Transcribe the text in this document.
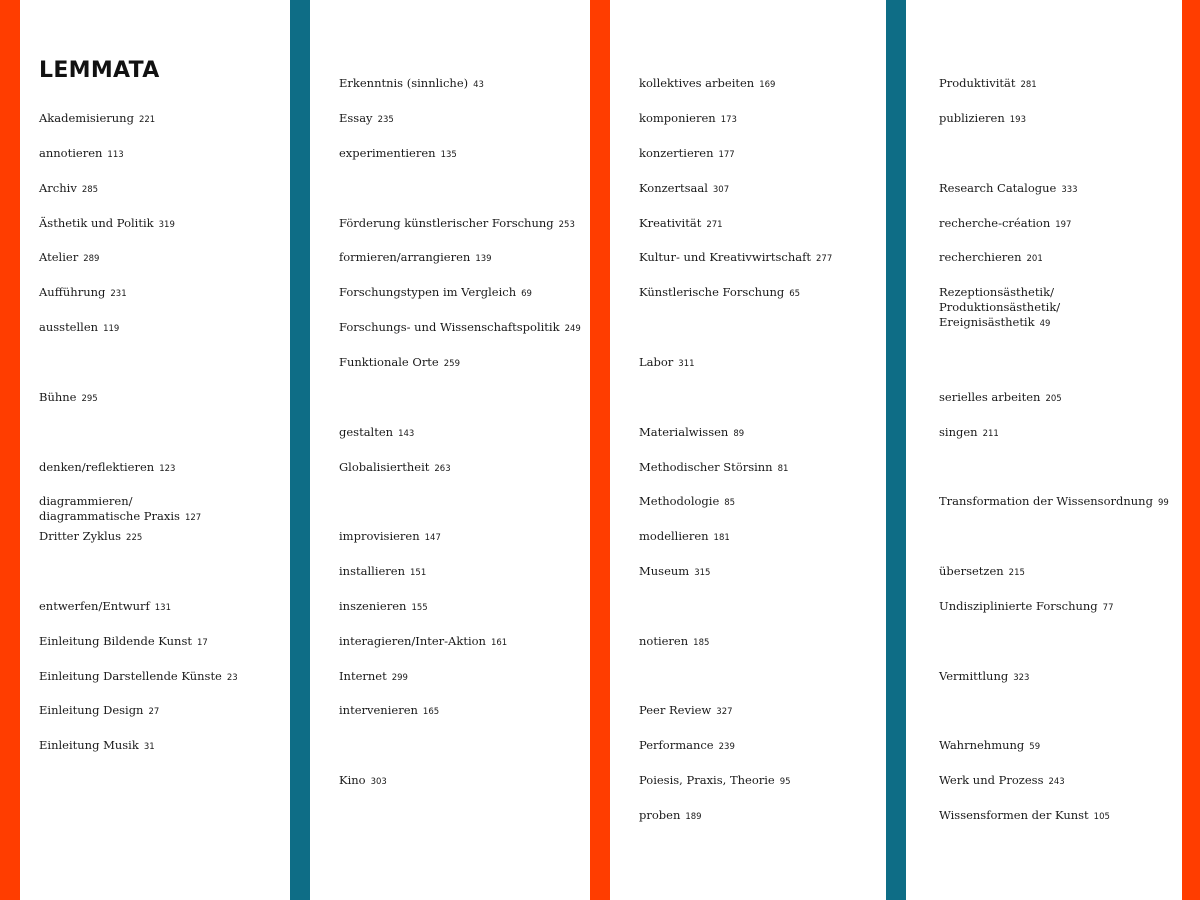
LEMMATA
Akademisierung 221
annotieren 113
Archiv 285
Ästhetik und Politik 319
Atelier 289
Aufführung 231
ausstellen 119
Bühne 295
denken/reflektieren 123
diagrammieren/
diagrammatische Praxis 127
Dritter Zyklus 225
entwerfen/Entwurf 131
Einleitung Bildende Kunst 17
Einleitung Darstellende Künste 23
Einleitung Design 27
Einleitung Musik 31
Erkenntnis (sinnliche) 43
Essay 235
experimentieren 135
Förderung künstlerischer Forschung 253
formieren/arrangieren 139
Forschungstypen im Vergleich 69
Forschungs- und Wissenschaftspolitik 249
Funktionale Orte 259
gestalten 143
Globalisiertheit 263
improvisieren 147
installieren 151
inszenieren 155
interagieren/Inter-Aktion 161
Internet 299
intervenieren 165
Kino 303
kollektives arbeiten 169
komponieren 173
konzertieren 177
Konzertsaal 307
Kreativität 271
Kultur- und Kreativwirtschaft 277
Künstlerische Forschung 65
Labor 311
Materialwissen 89
Methodischer Störsinn 81
Methodologie 85
modellieren 181
Museum 315
notieren 185
Peer Review 327
Performance 239
Poiesis, Praxis, Theorie 95
proben 189
Produktivität 281
publizieren 193
Research Catalogue 333
recherche-création 197
recherchieren 201
Rezeptionsästhetik/
Produktionsästhetik/
Ereignisästhetik 49
serielles arbeiten 205
singen 211
Transformation der Wissensordnung 99
übersetzen 215
Undisziplinierte Forschung 77
Vermittlung 323
Wahrnehmung 59
Werk und Prozess 243
Wissensformen der Kunst 105
